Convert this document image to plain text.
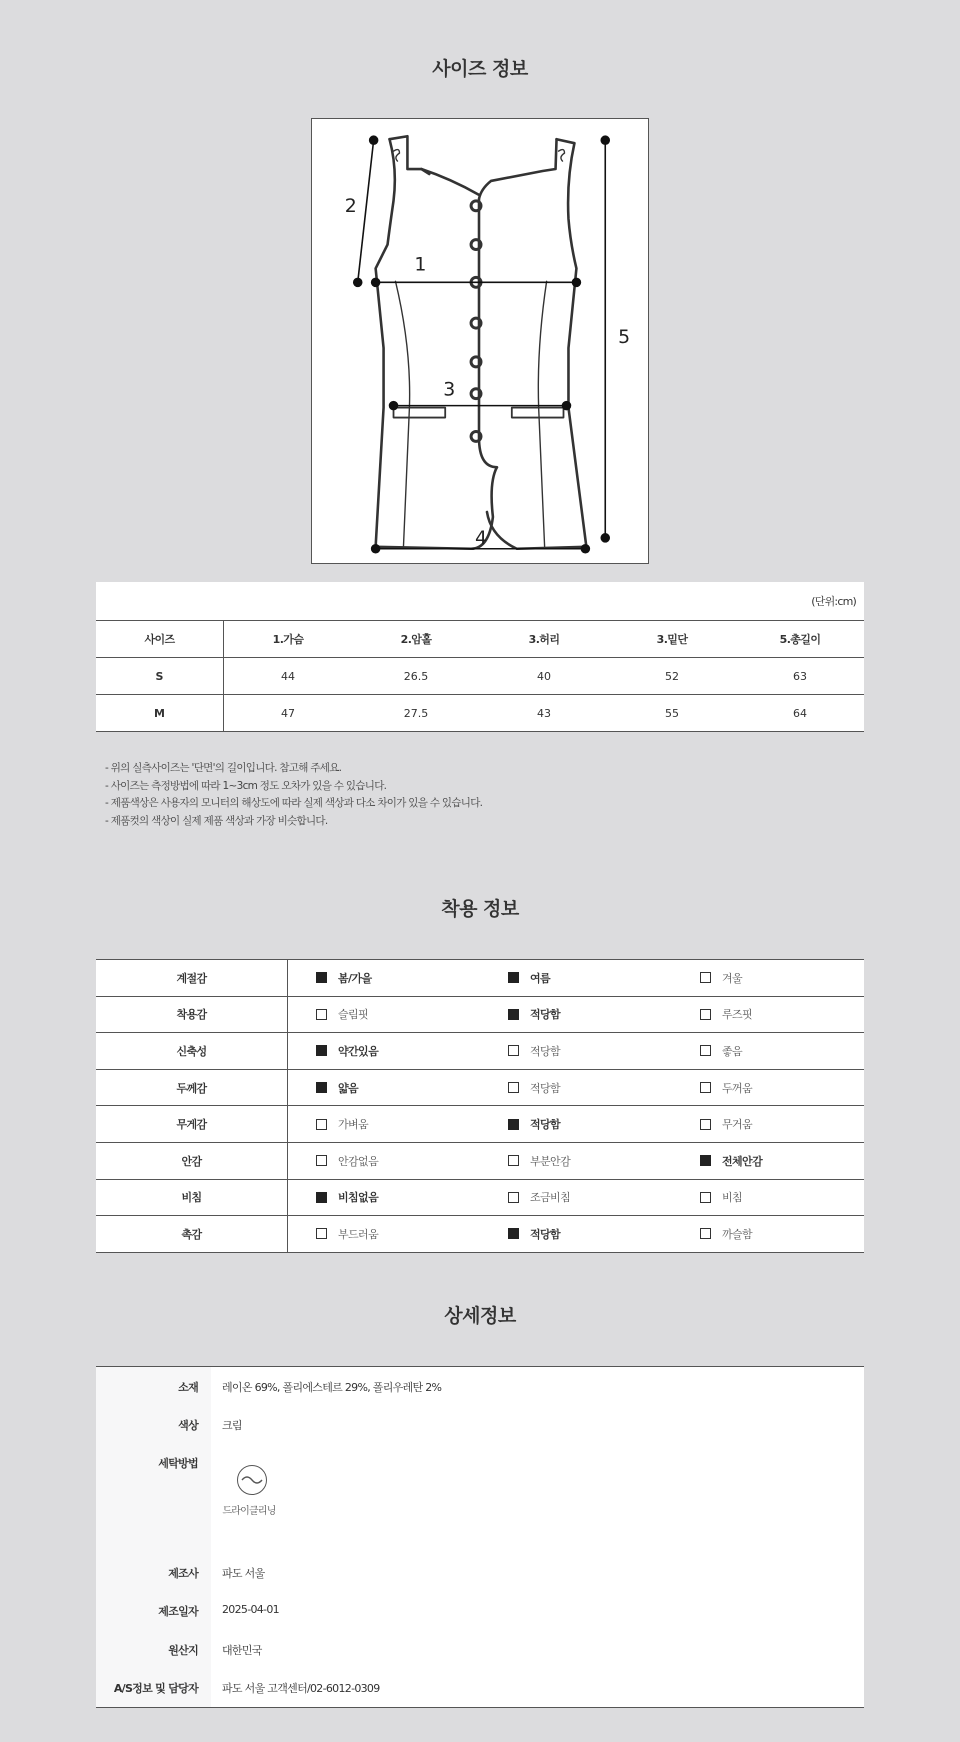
사이즈 정보
1
2
3
4
5
(단위:cm)
사이즈	1.가슴	2.암홀	3.허리	3.밑단	5.총길이
S	44	26.5	40	52	63
M	47	27.5	43	55	64
- 위의 실측사이즈는 '단면'의 길이입니다. 참고해 주세요.
- 사이즈는 측정방법에 따라 1~3cm 정도 오차가 있을 수 있습니다.
- 제품색상은 사용자의 모니터의 해상도에 따라 실제 색상과 다소 차이가 있을 수 있습니다.
- 제품컷의 색상이 실제 제품 색상과 가장 비슷합니다.
착용 정보
계절감	봄/가을	여름	겨울
착용감	슬림핏	적당함	루즈핏
신축성	약간있음	적당함	좋음
두께감	얇음	적당함	두꺼움
무게감	가벼움	적당함	무거움
안감	안감없음	부분안감	전체안감
비침	비침없음	조금비침	비침
촉감	부드러움	적당함	까슬함
상세정보
소재 레이온 69%, 폴리에스테르 29%, 폴리우레탄 2%
색상 크림
세탁방법
드라이클리닝
제조사 파도 서울
제조일자 2025-04-01
원산지 대한민국
A/S정보 및 담당자 파도 서울 고객센터/02-6012-0309
